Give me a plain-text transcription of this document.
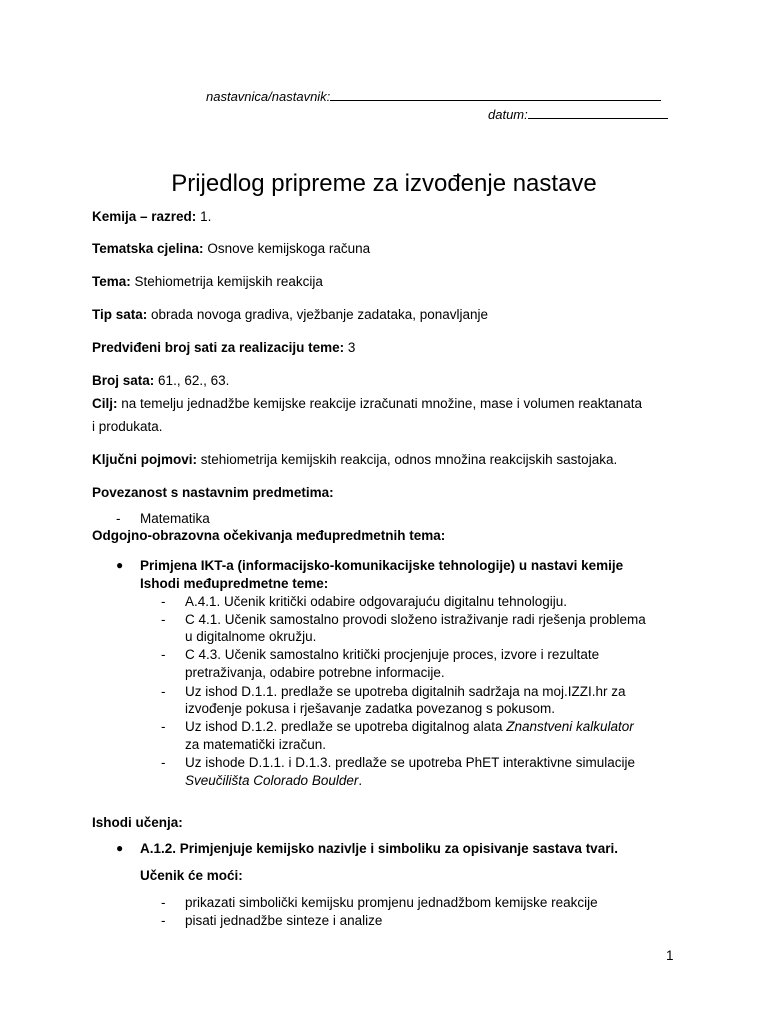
nastavnica/nastavnik:
datum:
Prijedlog pripreme za izvođenje nastave
Kemija – razred: 1.
Tematska cjelina: Osnove kemijskoga računa
Tema: Stehiometrija kemijskih reakcija
Tip sata: obrada novoga gradiva, vježbanje zadataka, ponavljanje
Predviđeni broj sati za realizaciju teme: 3
Broj sata: 61., 62., 63.
Cilj: na temelju jednadžbe kemijske reakcije izračunati množine, mase i volumen reaktanata
i produkata.
Ključni pojmovi: stehiometrija kemijskih reakcija, odnos množina reakcijskih sastojaka.
Povezanost s nastavnim predmetima:
- Matematika
Odgojno-obrazovna očekivanja međupredmetnih tema:
● Primjena IKT-a (informacijsko-komunikacijske tehnologije) u nastavi kemije
Ishodi međupredmetne teme:
- A.4.1. Učenik kritički odabire odgovarajuću digitalnu tehnologiju.
- C 4.1. Učenik samostalno provodi složeno istraživanje radi rješenja problema
u digitalnome okružju.
- C 4.3. Učenik samostalno kritički procjenjuje proces, izvore i rezultate
pretraživanja, odabire potrebne informacije.
- Uz ishod D.1.1. predlaže se upotreba digitalnih sadržaja na moj.IZZI.hr za
izvođenje pokusa i rješavanje zadatka povezanog s pokusom.
- Uz ishod D.1.2. predlaže se upotreba digitalnog alata Znanstveni kalkulator
za matematički izračun.
- Uz ishode D.1.1. i D.1.3. predlaže se upotreba PhET interaktivne simulacije
Sveučilišta Colorado Boulder.
Ishodi učenja:
● A.1.2. Primjenjuje kemijsko nazivlje i simboliku za opisivanje sastava tvari.
Učenik će moći:
- prikazati simbolički kemijsku promjenu jednadžbom kemijske reakcije
- pisati jednadžbe sinteze i analize
1
